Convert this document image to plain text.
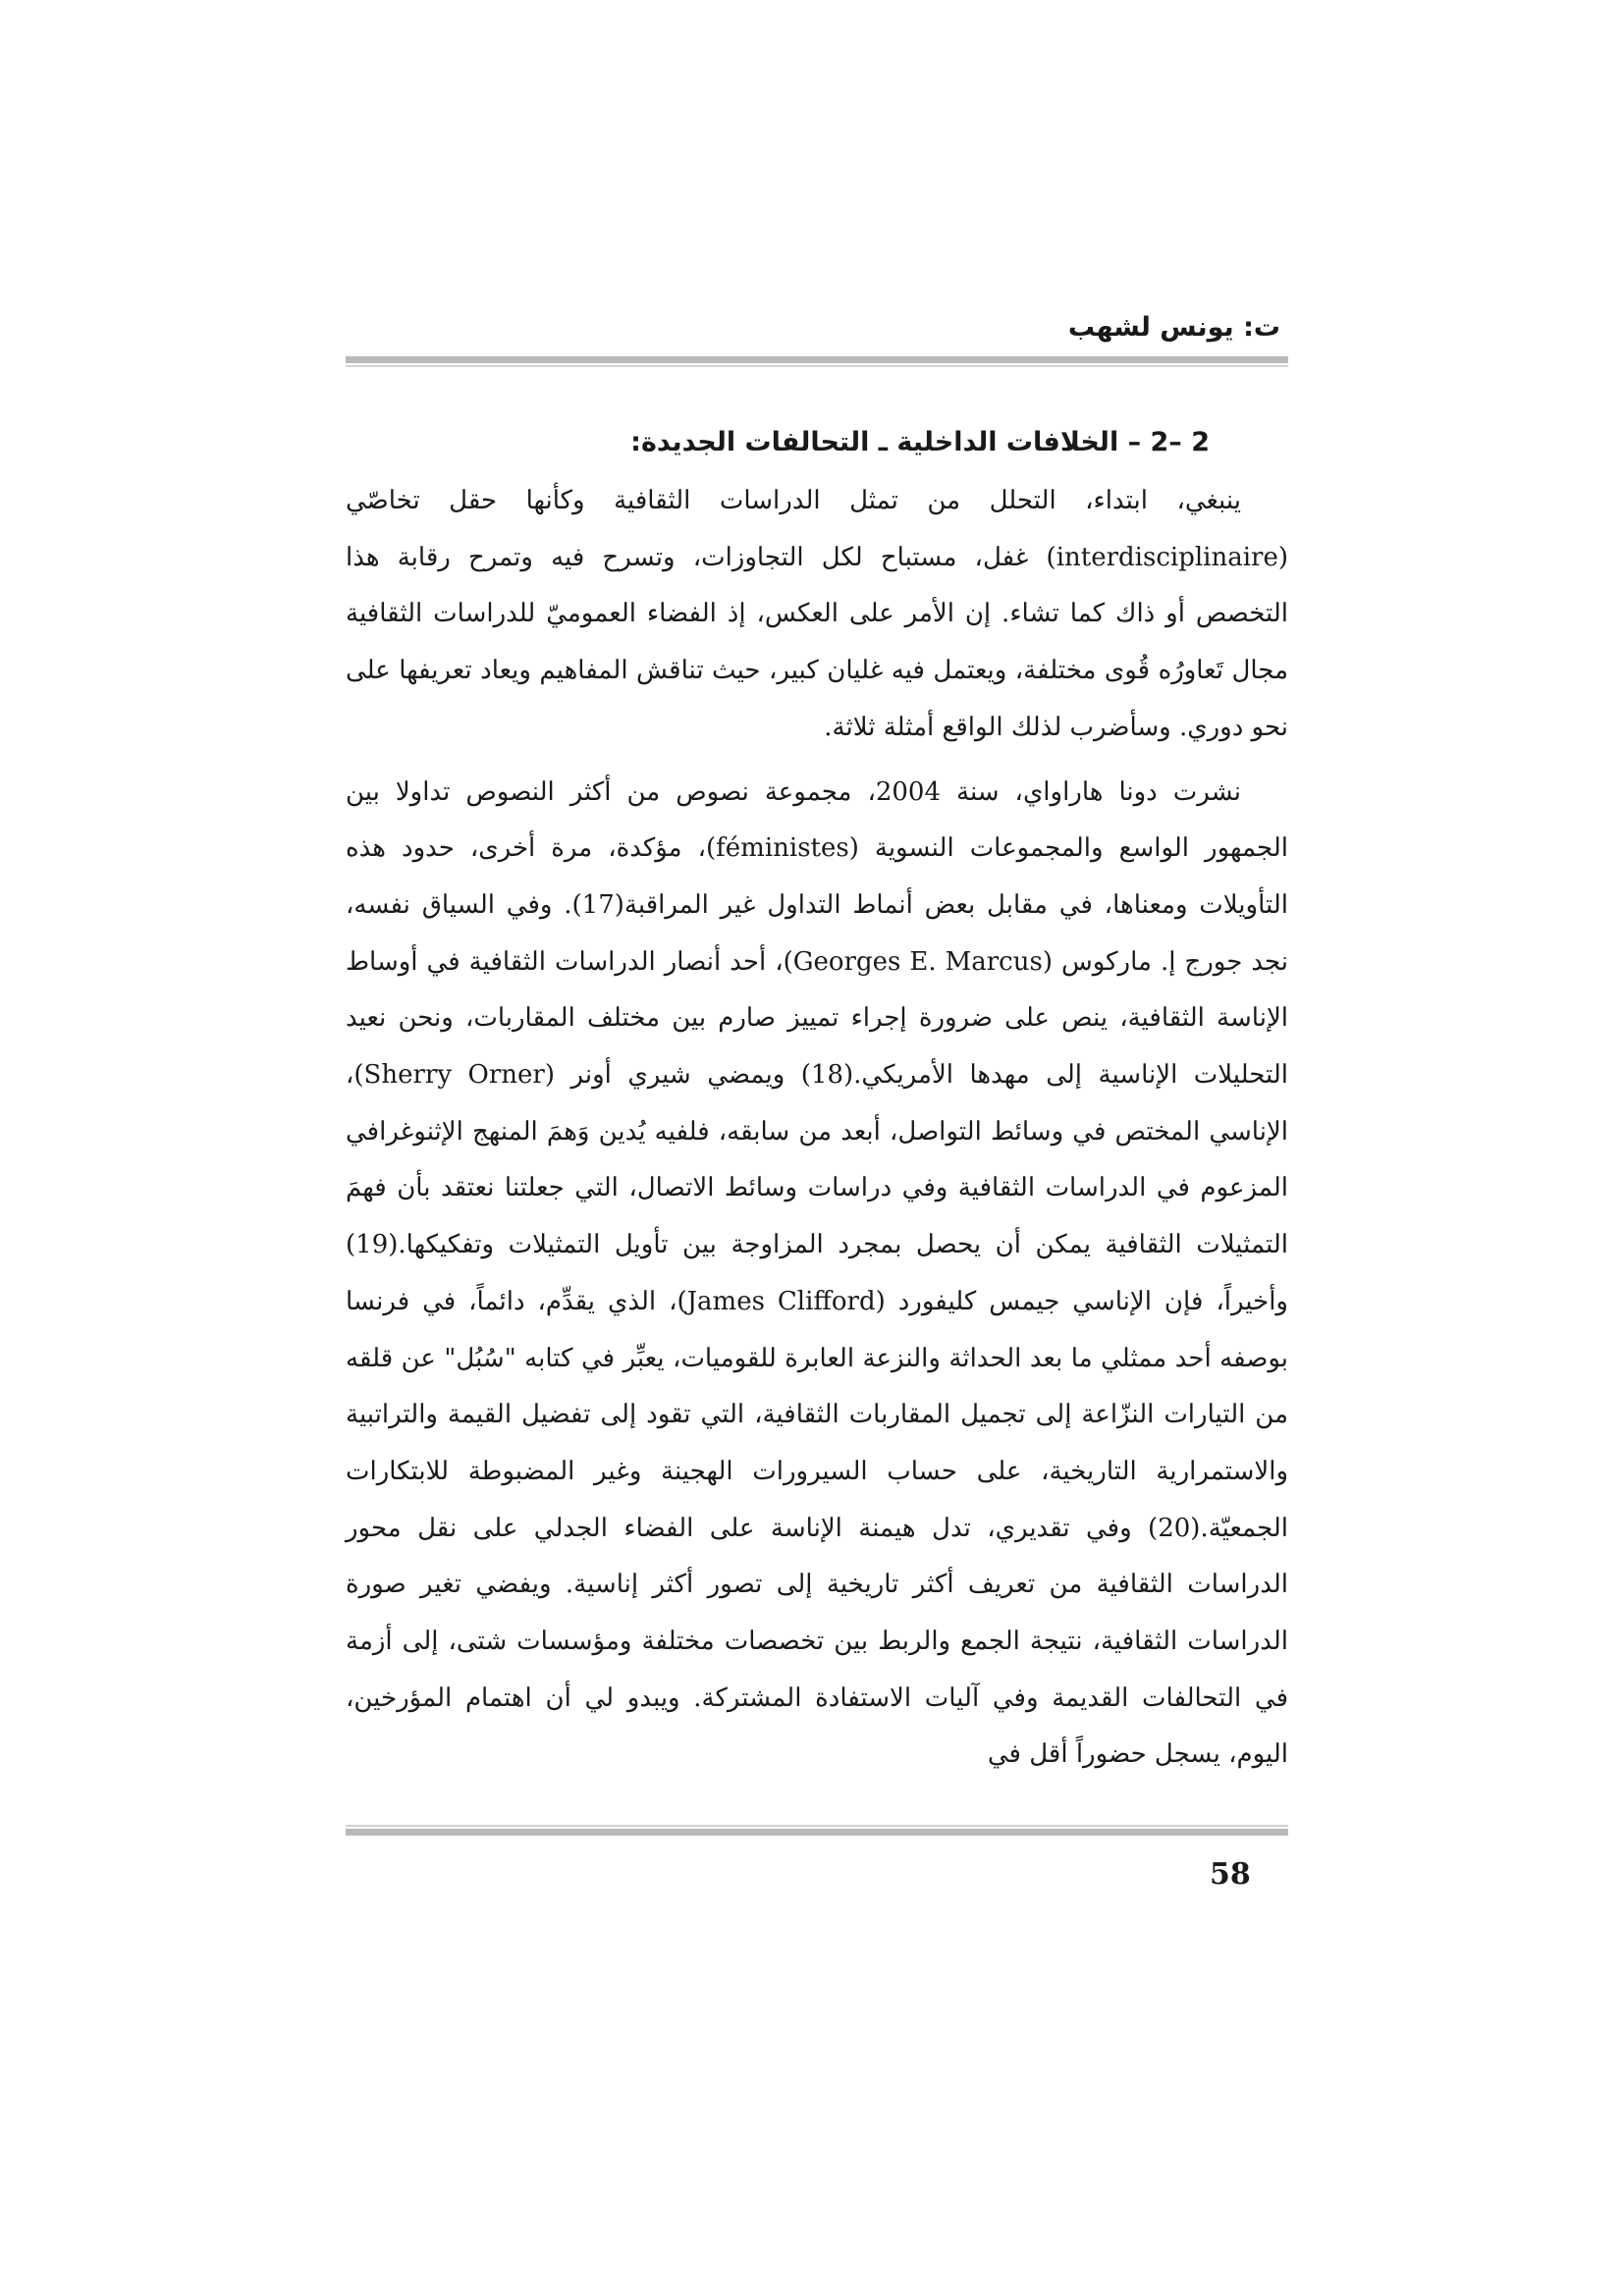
ت: يونس لشهب
2 –2 – الخلافات الداخلية ـ التحالفات الجديدة:

ينبغي، ابتداء، التحلل من تمثل الدراسات الثقافية وكأنها حقل تخاصّي (interdisciplinaire) غفل، مستباح لكل التجاوزات، وتسرح فيه وتمرح رقابة هذا التخصص أو ذاك كما تشاء. إن الأمر على العكس، إذ الفضاء العموميّ للدراسات الثقافية مجال تَعاورُه قُوى مختلفة، ويعتمل فيه غليان كبير، حيث تناقش المفاهيم ويعاد تعريفها على نحو دوري. وسأضرب لذلك الواقع أمثلة ثلاثة.

نشرت دونا هاراواي، سنة 2004، مجموعة نصوص من أكثر النصوص تداولا بين الجمهور الواسع والمجموعات النسوية (féministes)، مؤكدة، مرة أخرى، حدود هذه التأويلات ومعناها، في مقابل بعض أنماط التداول غير المراقبة(17). وفي السياق نفسه، نجد جورج إ. ماركوس (Georges E. Marcus)، أحد أنصار الدراسات الثقافية في أوساط الإناسة الثقافية، ينص على ضرورة إجراء تمييز صارم بين مختلف المقاربات، ونحن نعيد التحليلات الإناسية إلى مهدها الأمريكي.(18) ويمضي شيري أونر (Sherry Orner)، الإناسي المختص في وسائط التواصل، أبعد من سابقه، فلفيه يُدين وَهمَ المنهج الإثنوغرافي المزعوم في الدراسات الثقافية وفي دراسات وسائط الاتصال، التي جعلتنا نعتقد بأن فهمَ التمثيلات الثقافية يمكن أن يحصل بمجرد المزاوجة بين تأويل التمثيلات وتفكيكها.(19) وأخيراً، فإن الإناسي جيمس كليفورد (James Clifford)، الذي يقدِّم، دائماً، في فرنسا بوصفه أحد ممثلي ما بعد الحداثة والنزعة العابرة للقوميات، يعبِّر في كتابه "سُبُل" عن قلقه من التيارات النزّاعة إلى تجميل المقاربات الثقافية، التي تقود إلى تفضيل القيمة والتراتبية والاستمرارية التاريخية، على حساب السيرورات الهجينة وغير المضبوطة للابتكارات الجمعيّة.(20) وفي تقديري، تدل هيمنة الإناسة على الفضاء الجدلي على نقل محور الدراسات الثقافية من تعريف أكثر تاريخية إلى تصور أكثر إناسية. ويفضي تغير صورة الدراسات الثقافية، نتيجة الجمع والربط بين تخصصات مختلفة ومؤسسات شتى، إلى أزمة في التحالفات القديمة وفي آليات الاستفادة المشتركة. ويبدو لي أن اهتمام المؤرخين، اليوم، يسجل حضوراً أقل في

58
